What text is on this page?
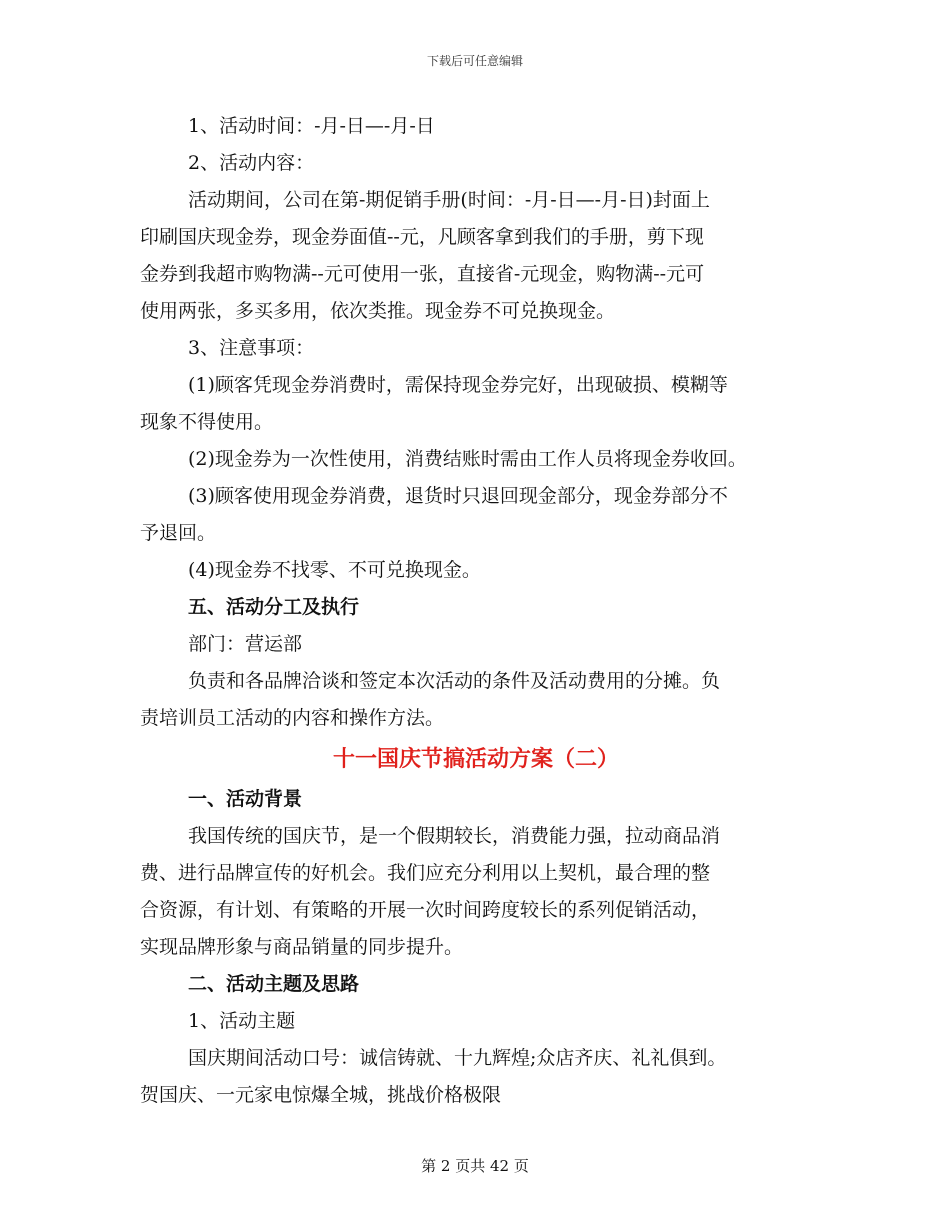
下载后可任意编辑
1、活动时间：-月-日—-月-日
2、活动内容：
活动期间，公司在第-期促销手册(时间：-月-日—-月-日)封面上
印刷国庆现金券，现金券面值--元，凡顾客拿到我们的手册，剪下现
金券到我超市购物满--元可使用一张，直接省-元现金，购物满--元可
使用两张，多买多用，依次类推。现金券不可兑换现金。
3、注意事项：
(1)顾客凭现金券消费时，需保持现金券完好，出现破损、模糊等
现象不得使用。
(2)现金券为一次性使用，消费结账时需由工作人员将现金券收回。
(3)顾客使用现金券消费，退货时只退回现金部分，现金券部分不
予退回。
(4)现金券不找零、不可兑换现金。
五、活动分工及执行
部门：营运部
负责和各品牌洽谈和签定本次活动的条件及活动费用的分摊。负
责培训员工活动的内容和操作方法。
十一国庆节搞活动方案（二）
一、活动背景
我国传统的国庆节，是一个假期较长，消费能力强，拉动商品消
费、进行品牌宣传的好机会。我们应充分利用以上契机，最合理的整
合资源，有计划、有策略的开展一次时间跨度较长的系列促销活动，
实现品牌形象与商品销量的同步提升。
二、活动主题及思路
1、活动主题
国庆期间活动口号：诚信铸就、十九辉煌;众店齐庆、礼礼俱到。
贺国庆、一元家电惊爆全城，挑战价格极限
第 2 页共 42 页
